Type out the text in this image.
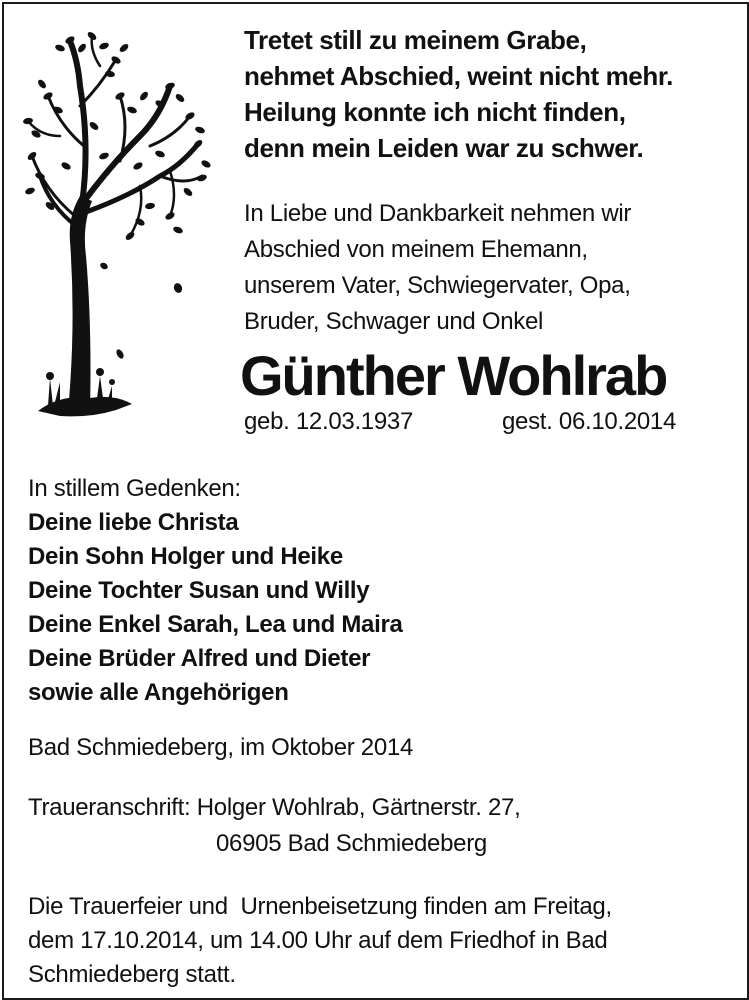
Tretet still zu meinem Grabe,
nehmet Abschied, weint nicht mehr.
Heilung konnte ich nicht finden,
denn mein Leiden war zu schwer.
In Liebe und Dankbarkeit nehmen wir
Abschied von meinem Ehemann,
unserem Vater, Schwiegervater, Opa,
Bruder, Schwager und Onkel
Günther Wohlrab
geb. 12.03.1937	gest. 06.10.2014
In stillem Gedenken:
Deine liebe Christa
Dein Sohn Holger und Heike
Deine Tochter Susan und Willy
Deine Enkel Sarah, Lea und Maira
Deine Brüder Alfred und Dieter
sowie alle Angehörigen
Bad Schmiedeberg, im Oktober 2014
Traueranschrift: Holger Wohlrab, Gärtnerstr. 27,
06905 Bad Schmiedeberg
Die Trauerfeier und  Urnenbeisetzung finden am Freitag,
dem 17.10.2014, um 14.00 Uhr auf dem Friedhof in Bad
Schmiedeberg statt.
